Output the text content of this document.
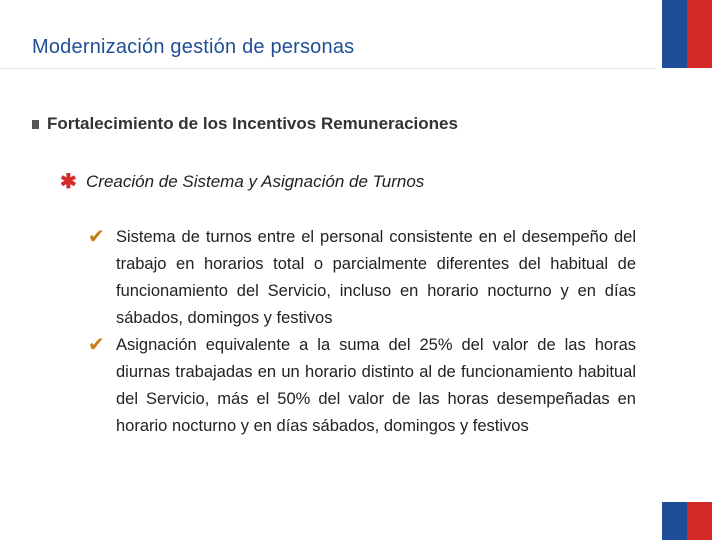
Modernización gestión de personas
Fortalecimiento de los Incentivos Remuneraciones
✱ Creación de Sistema y Asignación de Turnos
✔ Sistema de turnos entre el personal consistente en el desempeño del trabajo en horarios total o parcialmente diferentes del habitual de funcionamiento del Servicio, incluso en horario nocturno y en días sábados, domingos y festivos
✔ Asignación equivalente a la suma del 25% del valor de las horas diurnas trabajadas en un horario distinto al de funcionamiento habitual del Servicio, más el 50% del valor de las horas desempeñadas en horario nocturno y en días sábados, domingos y festivos
